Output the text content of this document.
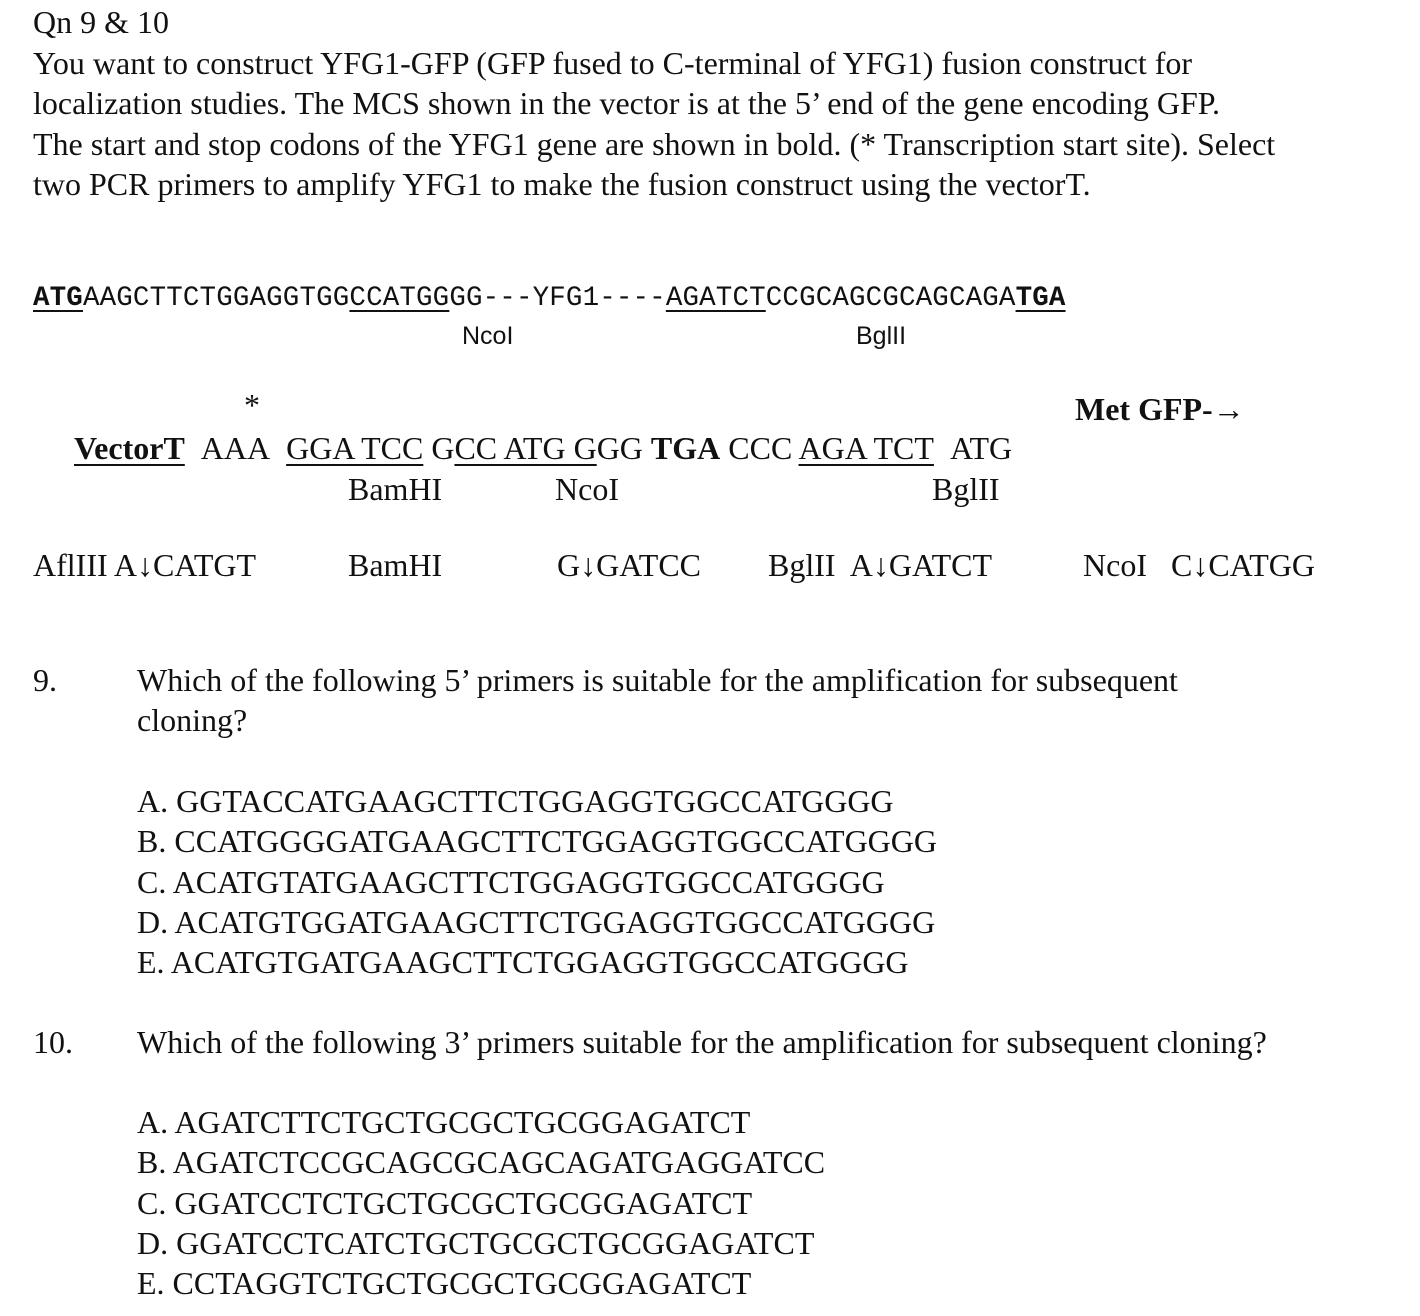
Qn 9 & 10
You want to construct YFG1-GFP (GFP fused to C-terminal of YFG1) fusion construct for
localization studies. The MCS shown in the vector is at the 5’ end of the gene encoding GFP.
The start and stop codons of the YFG1 gene are shown in bold. (* Transcription start site). Select
two PCR primers to amplify YFG1 to make the fusion construct using the vectorT.
ATGAAGCTTCTGGAGGTGGCCATGGGG---YFG1----AGATCTCCGCAGCGCAGCAGATGA
NcoI	BglII
*	Met GFP-→
VectorT AAA GGA TCC GCC ATG GGG TGA CCC AGA TCT ATG
BamHI	NcoI	BglII
AflIII A↓CATGT	BamHI	G↓GATCC BglII  A↓GATCT	NcoI   C↓CATGG
9.	Which of the following 5’ primers is suitable for the amplification for subsequent
cloning?
A. GGTACCATGAAGCTTCTGGAGGTGGCCATGGGG
B. CCATGGGGATGAAGCTTCTGGAGGTGGCCATGGGG
C. ACATGTATGAAGCTTCTGGAGGTGGCCATGGGG
D. ACATGTGGATGAAGCTTCTGGAGGTGGCCATGGGG
E. ACATGTGATGAAGCTTCTGGAGGTGGCCATGGGG
10. Which of the following 3’ primers suitable for the amplification for subsequent cloning?
A. AGATCTTCTGCTGCGCTGCGGAGATCT
B. AGATCTCCGCAGCGCAGCAGATGAGGATCC
C. GGATCCTCTGCTGCGCTGCGGAGATCT
D. GGATCCTCATCTGCTGCGCTGCGGAGATCT
E. CCTAGGTCTGCTGCGCTGCGGAGATCT
